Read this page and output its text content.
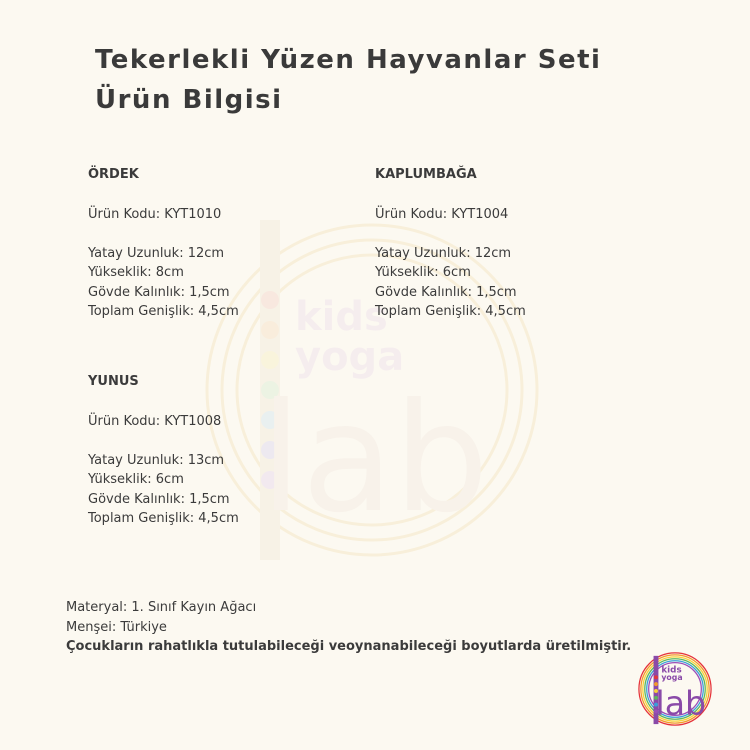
kids
yoga
lab
Tekerlekli Yüzen Hayvanlar Seti
Ürün Bilgisi
ÖRDEK
Ürün Kodu: KYT1010
Yatay Uzunluk: 12cm
Yükseklik: 8cm
Gövde Kalınlık: 1,5cm
Toplam Genişlik: 4,5cm
KAPLUMBAĞA
Ürün Kodu: KYT1004
Yatay Uzunluk: 12cm
Yükseklik: 6cm
Gövde Kalınlık: 1,5cm
Toplam Genişlik: 4,5cm
YUNUS
Ürün Kodu: KYT1008
Yatay Uzunluk: 13cm
Yükseklik: 6cm
Gövde Kalınlık: 1,5cm
Toplam Genişlik: 4,5cm
Materyal: 1. Sınıf Kayın Ağacı
Menşei: Türkiye
Çocukların rahatlıkla tutulabileceği veoynanabileceği boyutlarda üretilmiştir.
kids
yoga
lab
